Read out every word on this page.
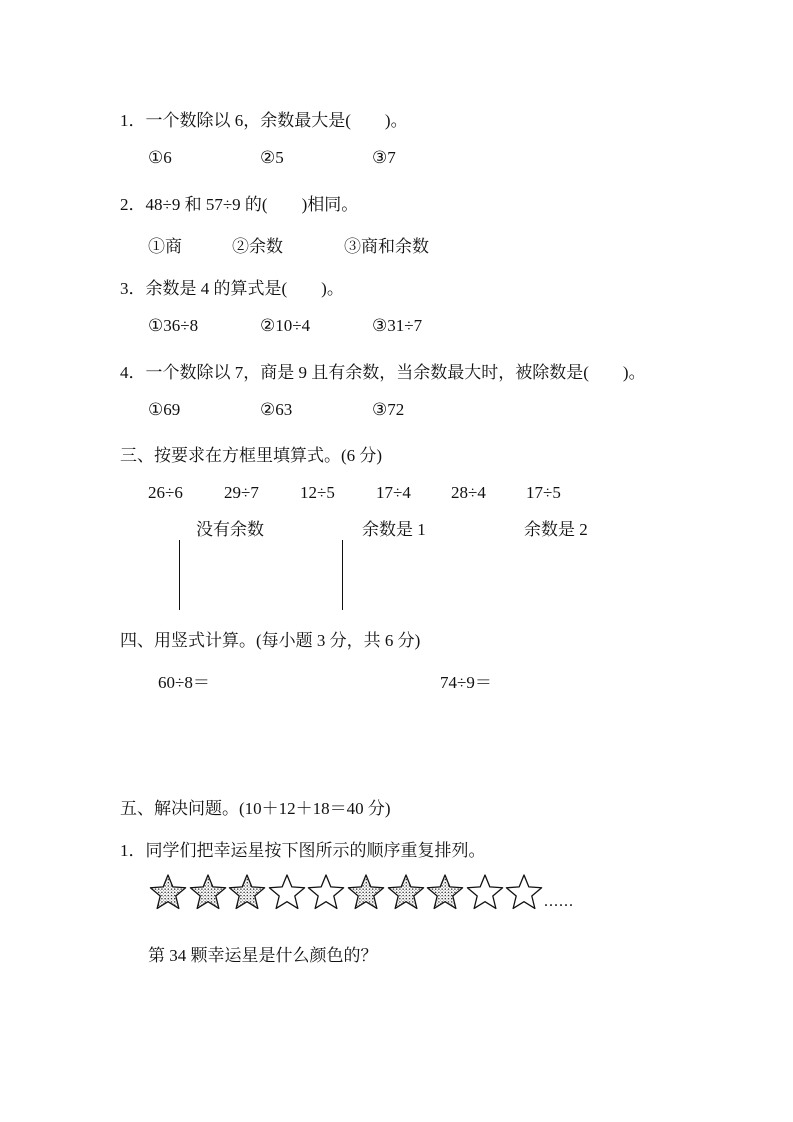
1．一个数除以 6，余数最大是(　　)。
①6	②5	③7
2．48÷9 和 57÷9 的(　　)相同。
①商	②余数	③商和余数
3．余数是 4 的算式是(　　)。
①36÷8	②10÷4	③31÷7
4．一个数除以 7，商是 9 且有余数，当余数最大时，被除数是(　　)。
①69	②63	③72
三、按要求在方框里填算式。(6 分)
26÷6 29÷7 12÷5 17÷4 28÷4 17÷5
没有余数	余数是 1	余数是 2
四、用竖式计算。(每小题 3 分，共 6 分)
60÷8＝	74÷9＝
五、解决问题。(10＋12＋18＝40 分)
1．同学们把幸运星按下图所示的顺序重复排列。
......
第 34 颗幸运星是什么颜色的？
